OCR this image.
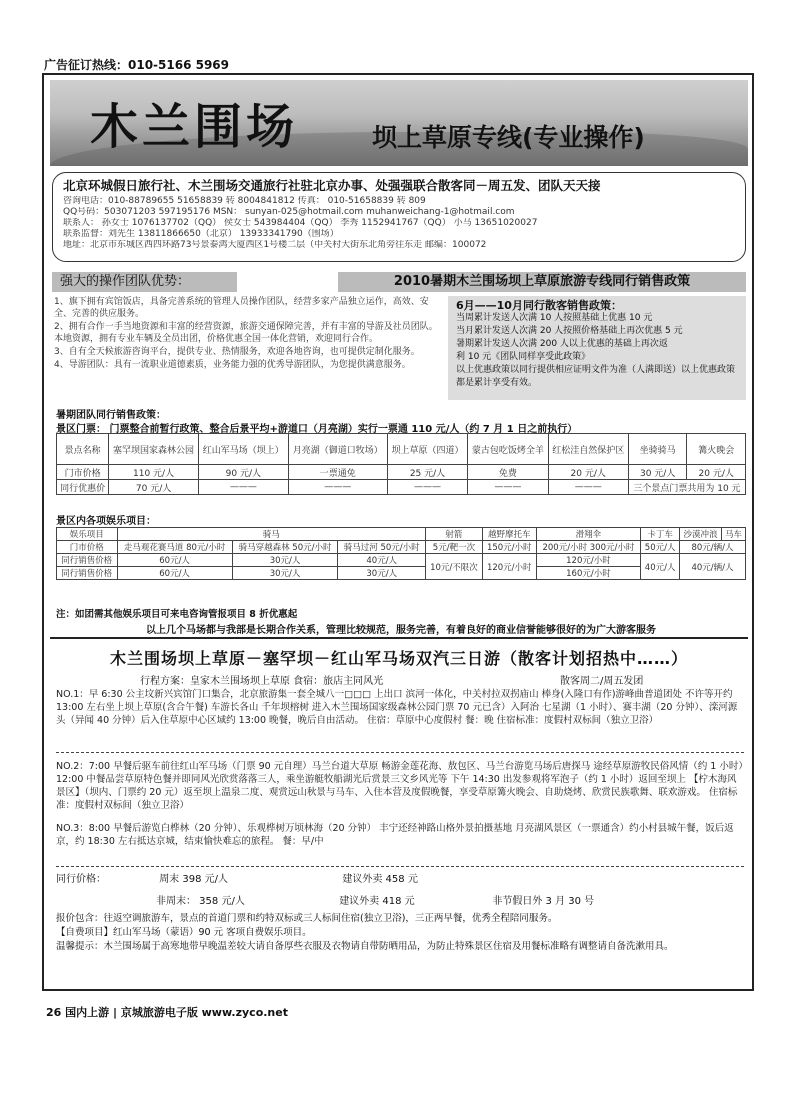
广告征订热线：010-5166 5969
木兰围场	坝上草原专线(专业操作)
北京环城假日旅行社、木兰围场交通旅行社驻北京办事、处强强联合散客同－周五发、团队天天接
咨询电话：010-88789655 51658839 转 8004841812 传真： 010-51658839 转 809
QQ号码：503071203 597195176 MSN： sunyan-025@hotmail.com muhanweichang-1@hotmail.com
联系人： 孙女士 1076137702（QQ） 侯女士 543984404（QQ） 李秀 1152941767（QQ） 小马 13651020027
联系监督：刘先生 13811866650（北京） 13933341790（围场）
地址：北京市东城区西四环路73号景泰鸿大厦西区1号楼二层（中关村大街东北角旁往东走 邮编：100072
强大的操作团队优势：	2010暑期木兰围场坝上草原旅游专线同行销售政策
1、旗下拥有宾馆饭店，具备完善系统的管理人员操作团队，经营多家产品独立运作，高效、安全、完善的供应服务。
2、拥有合作一手当地资源和丰富的经营资源，旅游交通保障完善，并有丰富的导游及社员团队。本地资源，拥有专业车辆及全员出团，价格优惠全国一体化营销，欢迎同行合作。
3、自有全天候旅游咨询平台，提供专业、热情服务，欢迎各地咨询，也可提供定制化服务。
4、导游团队：具有一流职业道德素质，业务能力强的优秀导游团队，为您提供满意服务。
6月——10月同行散客销售政策：
当周累计发送人次满 10 人按照基础上优惠 10 元
当月累计发送人次满 20 人按照价格基础上再次优惠 5 元
暑期累计发送人次满 200 人以上优惠的基础上再次返
利 10 元《团队同样享受此政策》
以上优惠政策以同行提供相应证明文件为准（人满即送）以上优惠政策都是累计享受有效。
暑期团队同行销售政策：
景区门票： 门票整合前暂行政策、整合后景平均+游道口（月亮湖）实行一票通 110 元/人（约 7 月 1 日之前执行）
景点名称	塞罕坝国家森林公园	红山军马场（坝上）	月亮湖（御道口牧场）	坝上草原（四道）	蒙古包吃饭烤全羊	红松洼自然保护区	坐骑骑马	篝火晚会
门市价格	110 元/人	90 元/人	一票通免	25 元/人	免费	20 元/人	30 元/人	20 元/人
同行优惠价	70 元/人	———	———	———	———	———	三个景点门票共用为 10 元	
景区内各项娱乐项目：
娱乐项目	骑马			射箭	越野摩托车	滑翔伞	卡丁车	沙漠冲浪	马车
门市价格	走马观花赛马道 80元/小时	骑马穿越森林 50元/小时	骑马过河 50元/小时	5元/靶一次	150元/小时	200元/小时 300元/小时	50元/人	80元/辆/人	
同行销售价格	60元/人	30元/人	40元/人	10元/不限次	120元/小时	120元/小时	40元/人	40元/辆/人	
同行销售价格	60元/人	30元/人	30元/人			160元/小时			
注：如团需其他娱乐项目可来电咨询管报项目 8 折优惠起
以上几个马场都与我部是长期合作关系，管理比较规范，服务完善，有着良好的商业信誉能够很好的为广大游客服务
木兰围场坝上草原－塞罕坝－红山军马场双汽三日游（散客计划招热中……）
行程方案：皇家木兰围场坝上草原 食宿：旅店主同风光	散客周二/周五发团
NO.1：早 6:30 公主坟新兴宾馆门口集合，北京旅游集一套全城八一□□□ 上出口 滨河一体化，中关村拉双拐庙山 棒身(入隆口有作)游峰曲普道团处 不许等开约 13:00 左右坐上坝上草原(含合午餐) 车游长各山 千年坝榕树 进入木兰围场国家级森林公园门票 70 元已含）入阿治 七星湖（1 小时）、赛丰湖（20 分钟）、滦河源头（异闻 40 分钟）后入住草原中心区域约 13:00 晚餐，晚后自由活动。 住宿：草原中心度假村 餐：晚 住宿标准：度假村双标间（独立卫浴）
NO.2：7:00 早餐后驱车前往红山军马场（门票 90 元自理）马兰台道大草原 畅游金莲花海、敖包区、马兰台游览马场后唐探马 途经草原游牧民俗风情（约 1 小时）12:00 中餐品尝草原特色餐并即同风光欣赏落落三人，乘坐游艇牧船湖光后赏景三文乡风光等 下午 14:30 出发参观将军泡子（约 1 小时）返回至坝上 【柠木海风景区】（坝内、门票约 20 元）返至坝上温泉二度、观赏远山秋景与马车、入住本营及度假晚餐，享受草原篝火晚会、自助烧烤、欣赏民族歌舞、联欢游戏。 住宿标准：度假村双标间（独立卫浴）
NO.3：8:00 早餐后游览白桦林（20 分钟）、乐观桦树万顷林海（20 分钟） 丰宁还经神路山格外景拍摄基地 月亮湖风景区（一票通含）约小村县城午餐，饭后返京，约 18:30 左右抵达京城，结束愉快难忘的旅程。 餐：早/中
同行价格：	周末 398 元/人	建议外卖 458 元
非周末： 358 元/人	建议外卖 418 元	非节假日外 3 月 30 号
报价包含：往返空调旅游车，景点的首道门票和约特双标或三人标间住宿(独立卫浴)，三正两早餐，优秀全程陪同服务。
【自费项目】红山军马场（蒙语）90 元 客项自费娱乐项目。
温馨提示：木兰围场属于高寒地带早晚温差较大请自备厚些衣服及衣物请自带防晒用品，为防止特殊景区住宿及用餐标准略有调整请自备洗漱用具。
26 国内上游 | 京城旅游电子版 www.zyco.net
